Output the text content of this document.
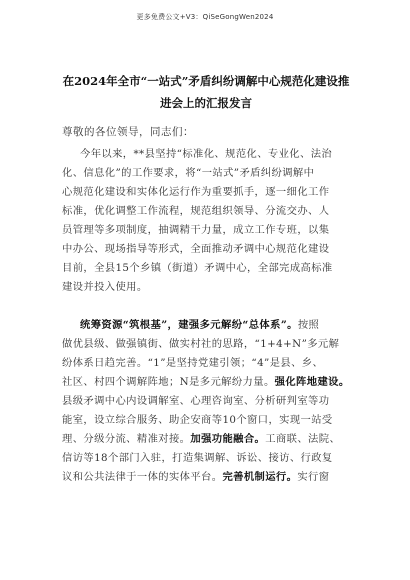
更多免费公文+V3：QiSeGongWen2024
在2024年全市“一站式”矛盾纠纷调解中心规范化建设推
进会上的汇报发言
尊敬的各位领导，同志们：
今年以来，**县坚持“标准化、规范化、专业化、法治
化、信息化”的工作要求，将“一站式”矛盾纠纷调解中
心规范化建设和实体化运行作为重要抓手，逐一细化工作
标准，优化调整工作流程，规范组织领导、分流交办、人
员管理等多项制度，抽调精干力量，成立工作专班，以集
中办公、现场指导等形式，全面推动矛调中心规范化建设
目前，全县15个乡镇（街道）矛调中心，全部完成高标准
建设并投入使用。
统筹资源“筑根基”，建强多元解纷“总体系”。按照
做优县级、做强镇街、做实村社的思路，“1+4+N”多元解
纷体系日趋完善。“1”是坚持党建引领；“4”是县、乡、
社区、村四个调解阵地；N是多元解纷力量。强化阵地建设。
县级矛调中心内设调解室、心理咨询室、分析研判室等功
能室，设立综合服务、助企安商等10个窗口，实现一站受
理、分级分流、精准对接。加强功能融合。工商联、法院、
信访等18个部门入驻，打造集调解、诉讼、接访、行政复
议和公共法律于一体的实体平台。完善机制运行。实行窗
